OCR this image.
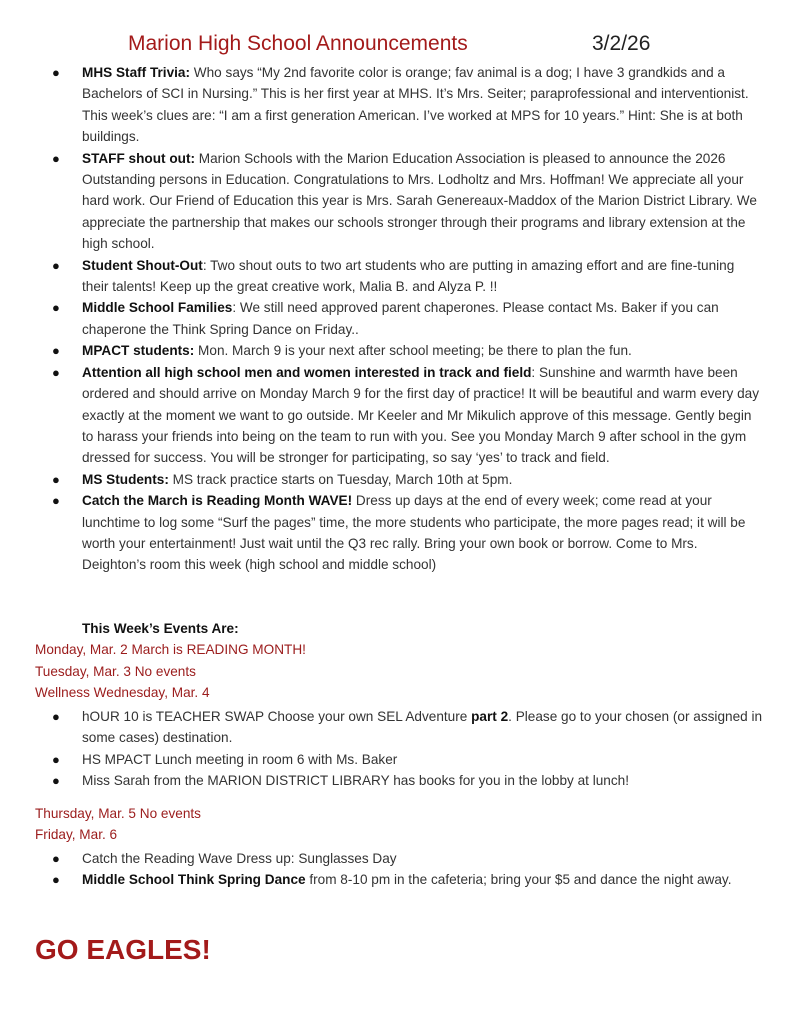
Marion High School Announcements	3/2/26
● MHS Staff Trivia: Who says “My 2nd favorite color is orange; fav animal is a dog; I have 3 grandkids and a Bachelors of SCI in Nursing.” This is her first year at MHS. It’s Mrs. Seiter; paraprofessional and interventionist. This week’s clues are: “I am a first generation American. I’ve worked at MPS for 10 years.” Hint: She is at both buildings.
● STAFF shout out: Marion Schools with the Marion Education Association is pleased to announce the 2026 Outstanding persons in Education. Congratulations to Mrs. Lodholtz and Mrs. Hoffman! We appreciate all your hard work. Our Friend of Education this year is Mrs. Sarah Genereaux-Maddox of the Marion District Library. We appreciate the partnership that makes our schools stronger through their programs and library extension at the high school.
● Student Shout-Out: Two shout outs to two art students who are putting in amazing effort and are fine-tuning their talents! Keep up the great creative work, Malia B. and Alyza P. !!
● Middle School Families: We still need approved parent chaperones. Please contact Ms. Baker if you can chaperone the Think Spring Dance on Friday..
● MPACT students: Mon. March 9 is your next after school meeting; be there to plan the fun.
● Attention all high school men and women interested in track and field: Sunshine and warmth have been ordered and should arrive on Monday March 9 for the first day of practice! It will be beautiful and warm every day exactly at the moment we want to go outside. Mr Keeler and Mr Mikulich approve of this message. Gently begin to harass your friends into being on the team to run with you. See you Monday March 9 after school in the gym dressed for success. You will be stronger for participating, so say ‘yes’ to track and field.
● MS Students: MS track practice starts on Tuesday, March 10th at 5pm.
● Catch the March is Reading Month WAVE! Dress up days at the end of every week; come read at your lunchtime to log some “Surf the pages” time, the more students who participate, the more pages read; it will be worth your entertainment! Just wait until the Q3 rec rally. Bring your own book or borrow. Come to Mrs. Deighton’s room this week (high school and middle school)
This Week’s Events Are:
Monday, Mar. 2 March is READING MONTH!
Tuesday, Mar. 3 No events
Wellness Wednesday, Mar. 4
● hOUR 10 is TEACHER SWAP Choose your own SEL Adventure part 2. Please go to your chosen (or assigned in some cases) destination.
● HS MPACT Lunch meeting in room 6 with Ms. Baker
● Miss Sarah from the MARION DISTRICT LIBRARY has books for you in the lobby at lunch!
Thursday, Mar. 5 No events
Friday, Mar. 6
● Catch the Reading Wave Dress up: Sunglasses Day
● Middle School Think Spring Dance from 8-10 pm in the cafeteria; bring your $5 and dance the night away.
GO EAGLES!
